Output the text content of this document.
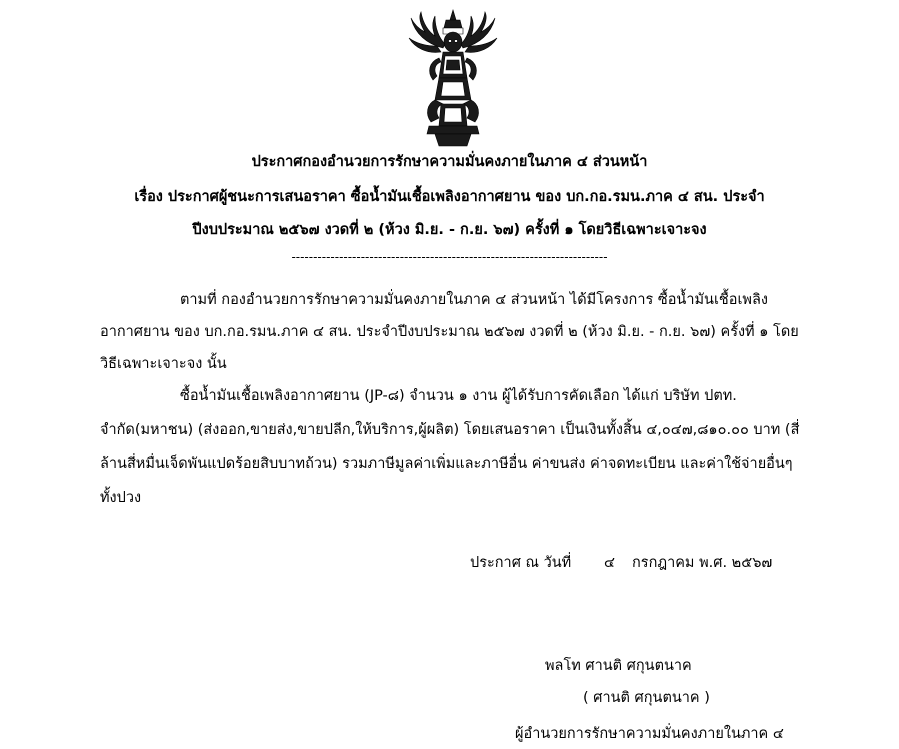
ประกาศกองอำนวยการรักษาความมั่นคงภายในภาค ๔ ส่วนหน้า
เรื่อง ประกาศผู้ชนะการเสนอราคา ซื้อน้ำมันเชื้อเพลิงอากาศยาน ของ บก.กอ.รมน.ภาค ๔ สน. ประจำ
ปีงบประมาณ ๒๕๖๗ งวดที่ ๒ (ห้วง มิ.ย. - ก.ย. ๖๗) ครั้งที่ ๑ โดยวิธีเฉพาะเจาะจง
-------------------------------------------------------------------------
ตามที่ กองอำนวยการรักษาความมั่นคงภายในภาค ๔ ส่วนหน้า ได้มีโครงการ ซื้อน้ำมันเชื้อเพลิง
อากาศยาน ของ บก.กอ.รมน.ภาค ๔ สน. ประจำปีงบประมาณ ๒๕๖๗ งวดที่ ๒ (ห้วง มิ.ย. - ก.ย. ๖๗) ครั้งที่ ๑ โดย
วิธีเฉพาะเจาะจง นั้น
ซื้อน้ำมันเชื้อเพลิงอากาศยาน (JP-๘) จำนวน ๑ งาน ผู้ได้รับการคัดเลือก ได้แก่ บริษัท ปตท.
จำกัด(มหาชน) (ส่งออก,ขายส่ง,ขายปลีก,ให้บริการ,ผู้ผลิต) โดยเสนอราคา เป็นเงินทั้งสิ้น ๔,๐๔๗,๘๑๐.๐๐ บาท (สี่
ล้านสี่หมื่นเจ็ดพันแปดร้อยสิบบาทถ้วน) รวมภาษีมูลค่าเพิ่มและภาษีอื่น ค่าขนส่ง ค่าจดทะเบียน และค่าใช้จ่ายอื่นๆ
ทั้งปวง
ประกาศ ณ วันที่ ๔ กรกฎาคม พ.ศ. ๒๕๖๗
พลโท ศานติ ศกุนตนาค
( ศานติ ศกุนตนาค )
ผู้อำนวยการรักษาความมั่นคงภายในภาค ๔
